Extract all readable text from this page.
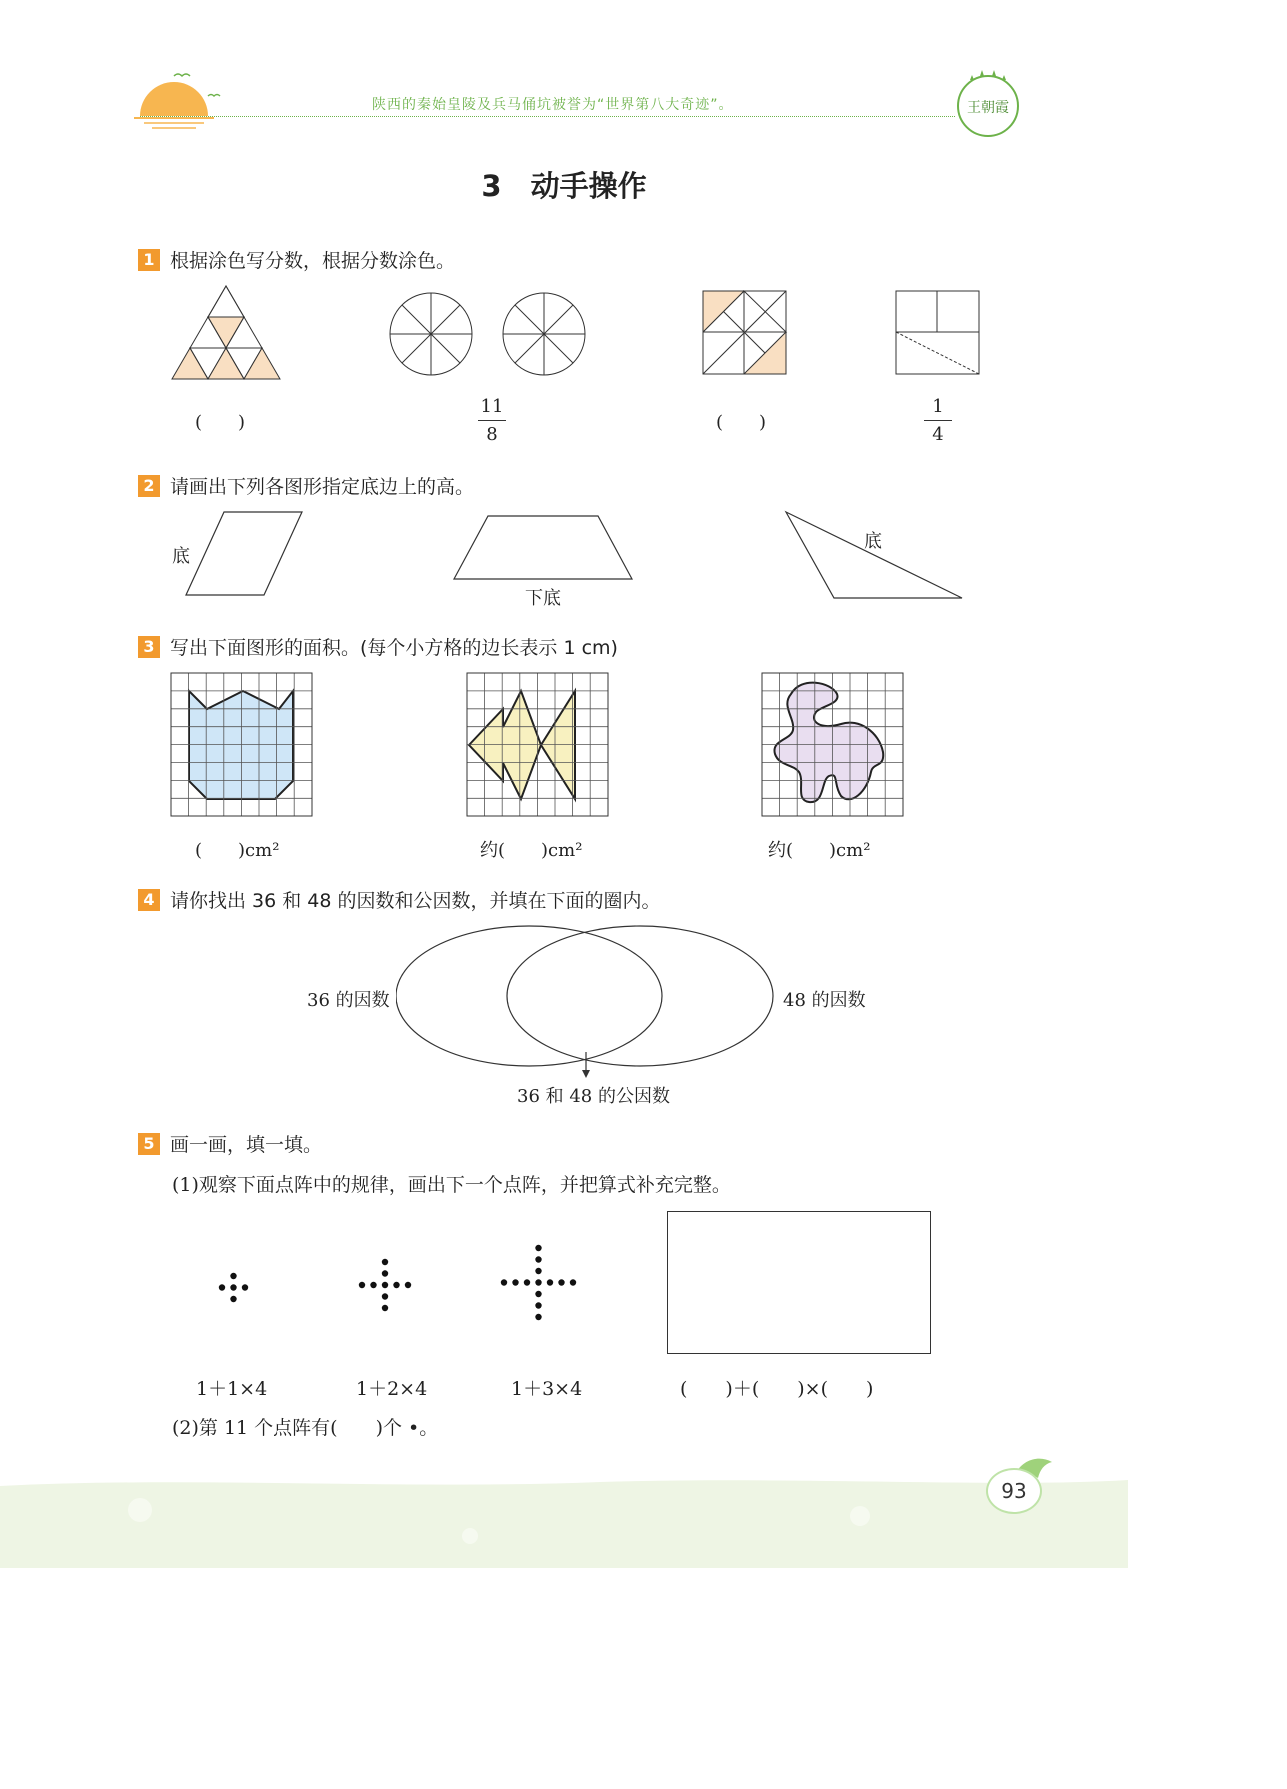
陕西的秦始皇陵及兵马俑坑被誉为“世界第八大奇迹”。	王朝霞
3　动手操作
1 根据涂色写分数，根据分数涂色。
(　　)
11
8
(　　)
1
4
2 请画出下列各图形指定底边上的高。
底
下底
底
3 写出下面图形的面积。(每个小方格的边长表示 1 cm)
(　　)cm²	约(　　)cm²	约(　　)cm²
4 请你找出 36 和 48 的因数和公因数，并填在下面的圈内。
36 的因数	48 的因数
36 和 48 的公因数
5 画一画，填一填。
(1)观察下面点阵中的规律，画出下一个点阵，并把算式补充完整。
1＋1×4	1＋2×4	1＋3×4	(　　)＋(　　)×(　　)
(2)第 11 个点阵有(　　)个 •。
93
